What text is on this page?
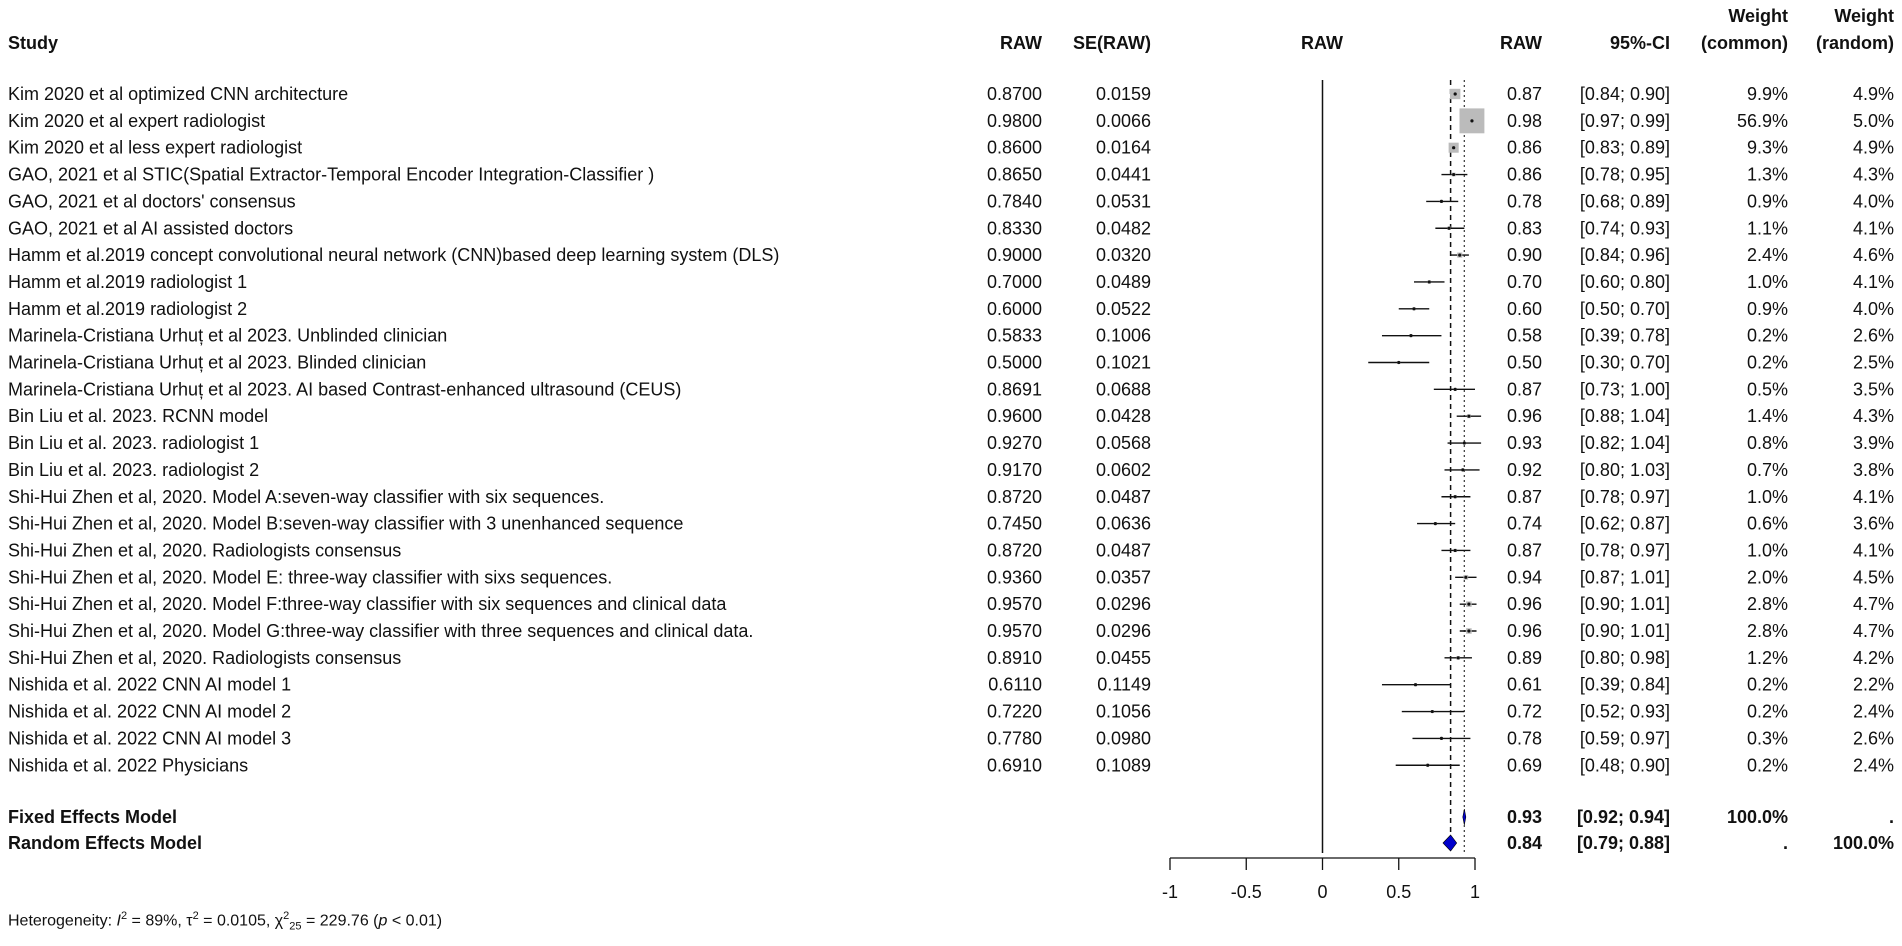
Study	RAW SE(RAW)	RAW	RAW	95%-CI
Weight
(common)
Weight
(random)
Kim 2020 et al optimized CNN architecture	0.8700	0.0159	0.87 [0.84; 0.90]	9.9%	4.9%
Kim 2020 et al expert radiologist	0.9800	0.0066	0.98 [0.97; 0.99]	56.9%	5.0%
Kim 2020 et al less expert radiologist	0.8600	0.0164	0.86 [0.83; 0.89]	9.3%	4.9%
GAO, 2021 et al STIC(Spatial Extractor-Temporal Encoder Integration-Classifier )	0.8650	0.0441	0.86 [0.78; 0.95]	1.3%	4.3%
GAO, 2021 et al doctors' consensus	0.7840	0.0531	0.78 [0.68; 0.89]	0.9%	4.0%
GAO, 2021 et al AI assisted doctors	0.8330	0.0482	0.83 [0.74; 0.93]	1.1%	4.1%
Hamm et al.2019 concept convolutional neural network (CNN)based deep learning system (DLS)	0.9000	0.0320	0.90 [0.84; 0.96]	2.4%	4.6%
Hamm et al.2019 radiologist 1	0.7000	0.0489	0.70 [0.60; 0.80]	1.0%	4.1%
Hamm et al.2019 radiologist 2	0.6000	0.0522	0.60 [0.50; 0.70]	0.9%	4.0%
Marinela-Cristiana Urhuț et al 2023. Unblinded clinician	0.5833	0.1006	0.58 [0.39; 0.78]	0.2%	2.6%
Marinela-Cristiana Urhuț et al 2023. Blinded clinician	0.5000	0.1021	0.50 [0.30; 0.70]	0.2%	2.5%
Marinela-Cristiana Urhuț et al 2023. AI based Contrast-enhanced ultrasound (CEUS)	0.8691	0.0688	0.87 [0.73; 1.00]	0.5%	3.5%
Bin Liu et al. 2023. RCNN model	0.9600	0.0428	0.96 [0.88; 1.04]	1.4%	4.3%
Bin Liu et al. 2023. radiologist 1	0.9270	0.0568	0.93 [0.82; 1.04]	0.8%	3.9%
Bin Liu et al. 2023. radiologist 2	0.9170	0.0602	0.92 [0.80; 1.03]	0.7%	3.8%
Shi-Hui Zhen et al, 2020. Model A:seven-way classifier with six sequences.	0.8720	0.0487	0.87 [0.78; 0.97]	1.0%	4.1%
Shi-Hui Zhen et al, 2020. Model B:seven-way classifier with 3 unenhanced sequence	0.7450	0.0636	0.74 [0.62; 0.87]	0.6%	3.6%
Shi-Hui Zhen et al, 2020. Radiologists consensus	0.8720	0.0487	0.87 [0.78; 0.97]	1.0%	4.1%
Shi-Hui Zhen et al, 2020. Model E: three-way classifier with sixs sequences.	0.9360	0.0357	0.94 [0.87; 1.01]	2.0%	4.5%
Shi-Hui Zhen et al, 2020. Model F:three-way classifier with six sequences and clinical data	0.9570	0.0296	0.96 [0.90; 1.01]	2.8%	4.7%
Shi-Hui Zhen et al, 2020. Model G:three-way classifier with three sequences and clinical data.	0.9570	0.0296	0.96 [0.90; 1.01]	2.8%	4.7%
Shi-Hui Zhen et al, 2020. Radiologists consensus	0.8910	0.0455	0.89 [0.80; 0.98]	1.2%	4.2%
Nishida et al. 2022 CNN AI model 1	0.6110	0.1149	0.61 [0.39; 0.84]	0.2%	2.2%
Nishida et al. 2022 CNN AI model 2	0.7220	0.1056	0.72 [0.52; 0.93]	0.2%	2.4%
Nishida et al. 2022 CNN AI model 3	0.7780	0.0980	0.78 [0.59; 0.97]	0.3%	2.6%
Nishida et al. 2022 Physicians	0.6910	0.1089	0.69 [0.48; 0.90]	0.2%	2.4%
Fixed Effects Model	0.93 [0.92; 0.94]	100.0%	.
Random Effects Model	0.84 [0.79; 0.88]	. 100.0%
-1	-0.5	0	0.5	1
Heterogeneity: $I^2 = 89\%$, $\tau^2 = 0.0105$, $\chi^2_{25} = 229.76$ (p < 0.01)
